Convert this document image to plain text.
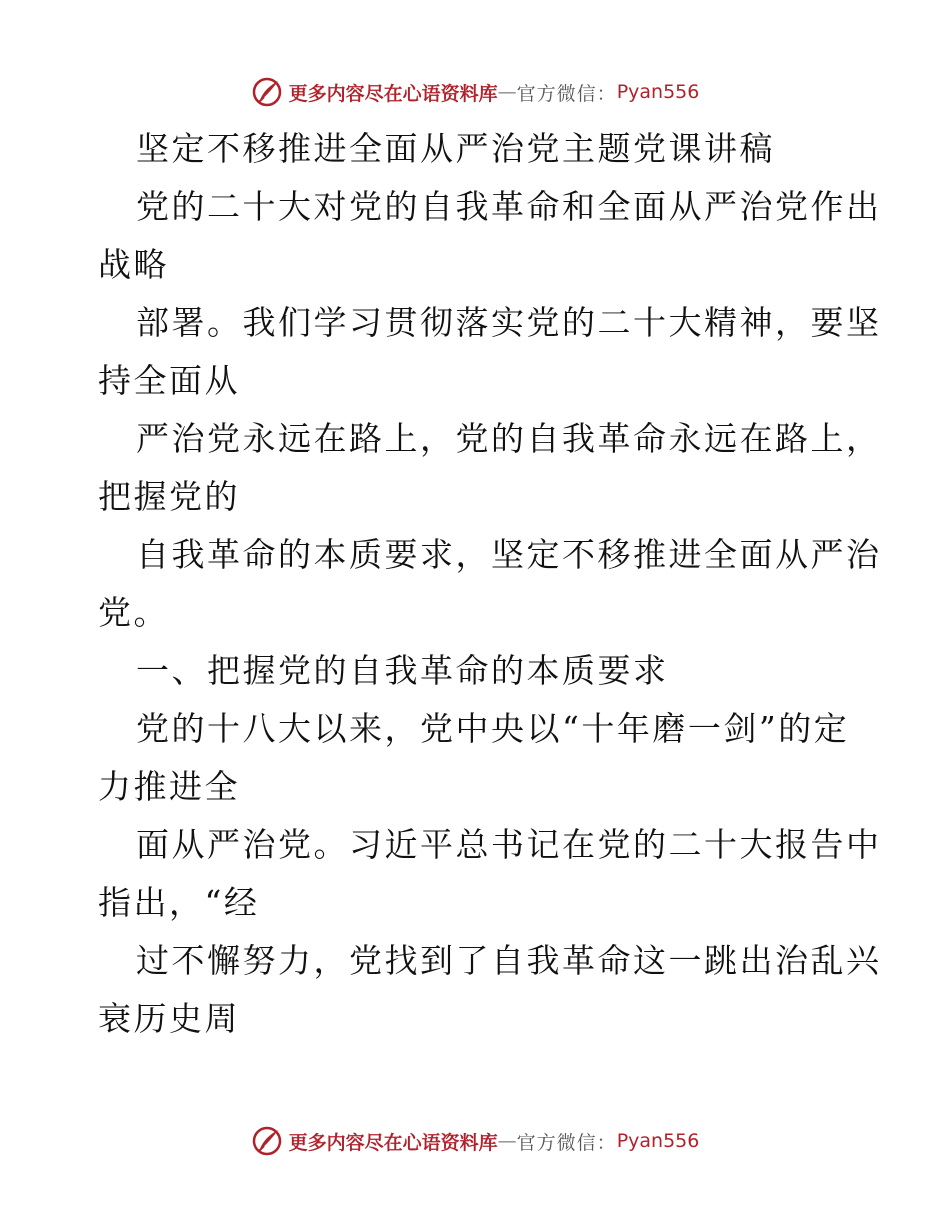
更多内容尽在心语资料库 — 官方微信： Pyan556
坚定不移推进全面从严治党主题党课讲稿
党的二十大对党的自我革命和全面从严治党作出
战略
部署。我们学习贯彻落实党的二十大精神，要坚
持全面从
严治党永远在路上，党的自我革命永远在路上，
把握党的
自我革命的本质要求，坚定不移推进全面从严治
党。
一、把握党的自我革命的本质要求
党的十八大以来，党中央以“十年磨一剑”的定
力推进全
面从严治党。习近平总书记在党的二十大报告中
指出，“经
过不懈努力，党找到了自我革命这一跳出治乱兴
衰历史周
更多内容尽在心语资料库 — 官方微信： Pyan556
